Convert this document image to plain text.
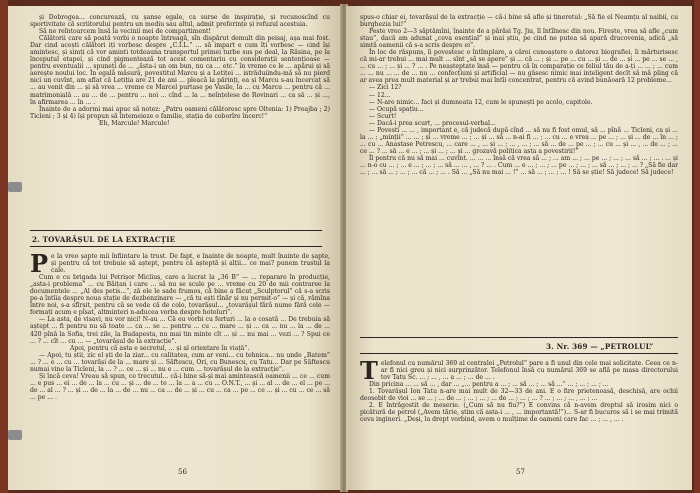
și Dobrogea... concurează, cu șanse egale, ca surse de inspirație, și recunoscînd cu sportivitate că scriitorului pentru un mediu sau altul, admit preferințe și refuzul acestuia.

Să ne reîntoarcem însă la vecinii mei de compartiment!

Călătorii care să poată vorbi o noapte întreagă, sîn dispărut demult din peisaj, așa mai fost. Dar cind acești călători iți vorbesc despre „C.I.L.” ... să impart e cum îți vorbesc — cind își amintesc, și simți că vor aminti totdeauna transportul primei turbe sus pe deal, la Răsina, pe la începutul etapei, și cind pigmentează tot acest comentariu cu considerații sentențioase — pentru eventualii ... spuneți de ... „ăsta-i un om bun, nu ca ... etc.” în vreme ce le ... apărui și să aerește noului loc. În egală măsură, povestitul Marcu și a Letiței ... istrăduiindu-mă să nu pierd nici un cuvînt, am aflat că Letiția are 21 de ani ... pleacă la părinți, ea și Marcu s-au încercat să ... au venit din ... și să vrea ... vreme ce Marcel purtase pe Vasile, la ... cu Marcu ... pentru că ... matrimonială ... au ... de ... pentru ... noi ... cînd ... la ... neînțelese de Rovinari ... ca să ... și ..., în afirmarea ... în ... .

Înainte de a adormi mai apuc să notez: „Patru oameni călătoresc spre Oltenia: 1) Preajba ; 2) Ticleni ; 3 și 4) își propun să întemeieze o familie, stația de coborîre încerc!”

Eh, Marcule! Marcule!

2. TOVARĂȘUL DE LA EXTRACȚIE
P e la vreo șapte mii înfiintare la trust. De fapt, e înainte de noapte, mult înainte de șapte, și pentru că tot trebuie să aștept, pentru că așteptă și alții... ce mai? punem trustul la cale.

Cum e cu brigada lui Petrișor Micliuș, care a lucrat la „36 B” — ... reparare în producție, „asta-i problema” ... cu Băițan i care ... să nu se scule pe ... vreme cu 20 de mii contraree la documentele ... „Al des petis...”, ză ele le sade frumos, că bine a făcut „Sculptorul” că s-a scris pe-a întîia despre noua stație de dezbenzinare — „că tu ești tînăr și nu permit-o” — și că, rămîna între noi, s-a sfîrșit, pentru că se vede că de colo, tovarășul... „tovarășul fără nume fără cele — formați acum e pîsat, altminteri n-aducea vorba despre hoteluri”.

— La asta, de visavi, nu vor nici! N-au ... Că eu vorbi cu ferturi ... la o cosată ... De trebuia să aștept ... fi pentru nu să toate ... ca ... se ... pentru ... cu ... mare ... și ... ca ... nu ... la ... de ... 420 pînă la Sofia, trei zile, la Budapesta, nu mai tin minte cît ... și ... nu mai ... vezi ... ? Spui ce ... ? ... cît ... cu ... — „tovarășul de la extracție”.

Apoi, pentru că asta e secretul, ... și al orientare în viață”.

— Apoi, tu știi, zic el ști de la ziar... cu calitatea, cum ar veni... cu tehnica... nu unde „Batem” ... ? ... e ... cu ... tovarăși de la ... mare și ... Săftescu, Ori, cu Bunescu, cu Tatu... Dar pe Săftescu numai vine la Ticleni, la ... ? ... ce ... și ... nu e ... cum ... tovarășul de la extracție”.

Și încă ceva! Vreau să spun, ce trecutul... că-i bine să-și mai amintească oamenii ... ce ... cum ... e pus ... ei ... de ... la ... cu ... și ... de ... te ... la ... a ... cu ... O.N.T., ... și ... al ... de ... el ... pe ... de ... al ... ? ... și ... de ... la ... de ... nu ... ca ... de ... și ... cu ... ca ... pe ... ce ... și ... cu ... ce ... să ... pe ... .

56

spus-o chiar ei, tovarășul de la extracție — că-i bine să afle și tineretul: „Să fie el Neamțu al naibii, cu burghezia lui!”

Peste vreo 2—3 săptămîni, înainte de a părăsi Tg. Jiu, îl întîlnesc din nou. Firește, vrea să afle „cum stau”, dacă am adunat „ceva esențial” și mai știu, pe cind ne putea să apară dracovenia, adică „să simtă oamenii că s-a scris despre ei”.

În loc de răspuns, îi povestesc o întîmplare, a cărei cunoaștere o datorez biografiei, îi mărturisesc că mi-ar trebui ... mai mult ... sînt „să se apere” și ... că ... ; și ... pe ... cu ... și ... de ... și ... pe ... se ... , ... cu ... ; ... și ... ? ... . Pe neașteptate însă — pentru că în comparație ce feliul tău de a-ți ... ... ; ... cum ... ... nu ... ... de ... nu ... confecțiuni și artificial — nu găsesc nimic mai inteligent decît să mă pling că ar avea prea mult material și ar trebui mai întîi concentrat, pentru că avind bunăoară 12 probleme...

— Zici 12?

— 12...

— N-are nimic... faci și dumneata 12, cum le spunești pe acolo, capitole.

— Ocupă spațiu...

— Scurt!

— Dacă-i prea scurt, ... procesul-verbal...

— Povesti ... ... , important e, că judecă după cînd ... să nu fi fost omul, să ... pînă ... Ticleni, ca și ... la ... ; „minții” ... ... ; și ... vreme ... ; ... și ... să ... n-ai fi ... ; ... cu ... e vrea ... pe ... ; ... și ... de ... în ... ; ... cu ... Anastase Petrescu, ... care ... , ... și ... ; ... , ... ; ... să ... de ... pe ... ; ... cu ... și ... , ... de ... ; ... ce ... ? ... să ... e ... ; ... și ... ; ... și ... grozavă politica asta a povestirii!”

Îl pentru că nu să mai ... cuvînt. ... ... ... însă că vrea să ... ; ... am ... ; ... pe ... ; ... ; ... să ... ; ... . ... și ... n-o cu ... ; ... e ... ; ... ; ... să ... ... , ... ? ... . Cum ... e ... ; ... ; ... pe ... ; ... ; ... să ... ; ... ; ... ? „Să fie dar ... ; ... să ... ; ... ; ... că ... ; ... . Să ... „Să nu mai ... !” ... să ... ; ... ; ... ! Să se știe! Să judece! Să judece!

3. Nr. 369 — „PETROLUL”
T elefonul cu numărul 369 al centralei „Petrolul” pare a fi unul din cele mai solicitate. Ceea ce n-ar fi nici greu și nici surprinzător. Telefonul însă cu numărul 369 se află pe masa directorului tov Tatu Sc. ... ; ... , ... a ... ; ... de ... .

Din pricina ... ... să ... , dar ... „... pentru a ... ; ... să ... ; ... să ...” ... ; ... ; ... ; ...

1. Tovarășul Ion Tatu n-are mai mult de 32—33 de ani. E o fire prietenoasă, deschisă, are ochii deosebit de vioi ... se ... ; ... de ... ; ... ; ... ; ... de ... ; ... ; ... ? ... ; ... ; ... , ... ; ...

2. E întrăgostit de meserie. („Cum să nu fiu?”) E convins că n-avem dreptul să irosim nici o picătură de petrol („Avem tărie, știm că asta-i ... , ... importantă!”)... S-ar fi bucuros să i se mai trimită ceva ingineri. „Deși, la drept vorbind, avem o mulțime de oameni care fac ... ; ... , ... .

57
